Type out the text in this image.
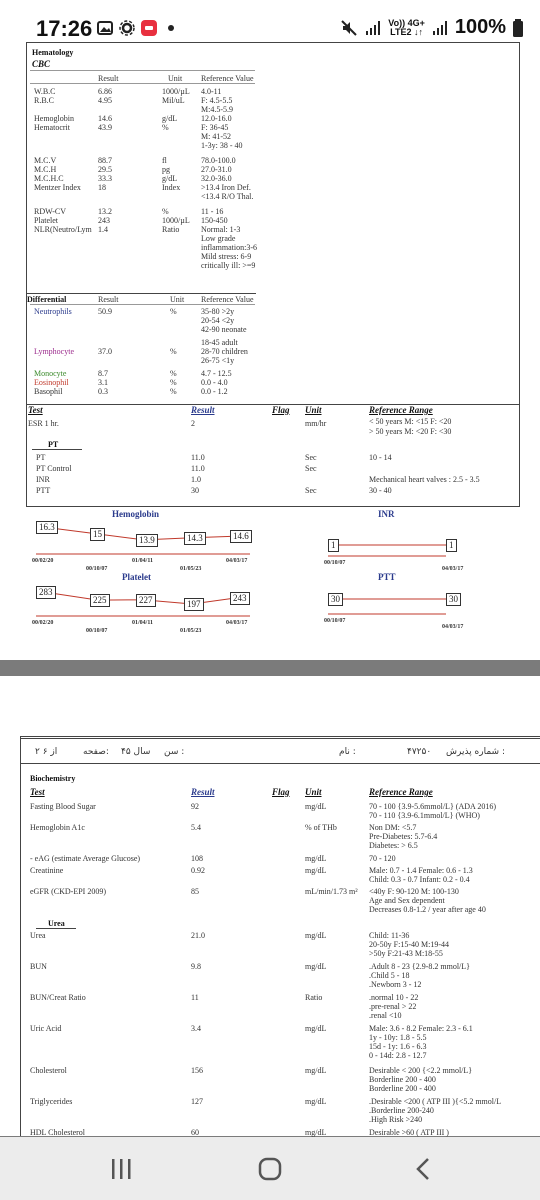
17:26	Vo)) 4G+
LTE2 ↓↑ 100%
Hematology
CBC
Result	Unit Reference Value
W.B.C	6.86	1000/µL 4.0-11
R.B.C	4.95	Mil/uL F: 4.5-5.5
M:4.5-5.9
Hemoglobin	14.6	g/dL	12.0-16.0
Hematocrit	43.9	%	F: 36-45
M: 41-52
1-3y: 38 - 40
M.C.V	88.7	fl	78.0-100.0
M.C.H	29.5	pg	27.0-31.0
M.C.H.C	33.3	g/dL	32.0-36.0
Mentzer Index 18	Index	>13.4 Iron Def.
<13.4 R/O Thal.
RDW-CV	13.2	%	11 - 16
Platelet	243	1000/µL 150-450
NLR(Neutro/Lym 1.4	Ratio	Normal: 1-3
Low grade
inflammation:3-6
Mild stress: 6-9
critically ill: >=9
Differential	Result	Unit Reference Value
Neutrophils	50.9	%	35-80 >2y
20-54 <2y
42-90 neonate
Lymphocyte	37.0	%
18-45 adult
28-70 children
26-75 <1y
Monocyte	8.7	%	4.7 - 12.5
Eosinophil	3.1	%	0.0 - 4.0
Basophil	0.3	%	0.0 - 1.2
Test	Result	Flag Unit	Reference Range
ESR 1 hr.	2	mm/hr	< 50 years M: <15 F: <20
> 50 years M: <20 F: <30
PT
PT	11.0	Sec	10 - 14
PT Control	11.0	Sec
INR	1.0	Mechanical heart valves : 2.5 - 3.5
PTT	30	Sec	30 - 40
Hemoglobin
16.3
00/02/20
15
00/10/07
13.9
01/04/11
14.3
01/05/23
14.6
04/03/17
INR
1
00/10/07
1
04/03/17
Platelet
283
00/02/20
225
00/10/07
227
01/04/11
197
01/05/23
243
04/03/17
PTT
30
00/10/07
30
04/03/17
شماره پذیرش :
۴۷۲۵۰
نام :
سن :
۴۵ سال
صفحه:
۲ از ۶
Biochemistry
Test	Result	Flag Unit	Reference Range
Urea
Fasting Blood Sugar	92	mg/dL	70 - 100 {3.9-5.6mmol/L} (ADA 2016)
70 - 110 {3.9-6.1mmol/L} (WHO)
Hemoglobin A1c	5.4	% of THb	Non DM: <5.7
Pre-Diabetes: 5.7-6.4
Diabetes: > 6.5
- eAG (estimate Average Glucose)	108	mg/dL	70 - 120
Creatinine	0.92	mg/dL	Male: 0.7 - 1.4 Female: 0.6 - 1.3
Child: 0.3 - 0.7 Infant: 0.2 - 0.4
eGFR (CKD-EPI 2009)	85	mL/min/1.73 m² <40y F: 90-120 M: 100-130
Age and Sex dependent
Decreases 0.8-1.2 / year after age 40
Urea	21.0	mg/dL	Child: 11-36
20-50y F:15-40 M:19-44
>50y F:21-43 M:18-55
BUN	9.8	mg/dL	.Adult 8 - 23 {2.9-8.2 mmol/L}
.Child 5 - 18
.Newborn 3 - 12
BUN/Creat Ratio	11	Ratio	.normal 10 - 22
.pre-renal > 22
.renal <10
Uric Acid	3.4	mg/dL	Male: 3.6 - 8.2 Female: 2.3 - 6.1
1y - 10y: 1.8 - 5.5
15d - 1y: 1.6 - 6.3
0 - 14d: 2.8 - 12.7
Cholesterol	156	mg/dL	Desirable < 200 {<2.2 mmol/L}
Borderline 200 - 400
Borderline 200 - 400
Triglycerides	127	mg/dL	.Desirable <200 ( ATP III ){<5.2 mmol/L
.Borderline 200-240
.High Risk >240
HDL Cholesterol	60	mg/dL	Desirable >60 ( ATP III )
